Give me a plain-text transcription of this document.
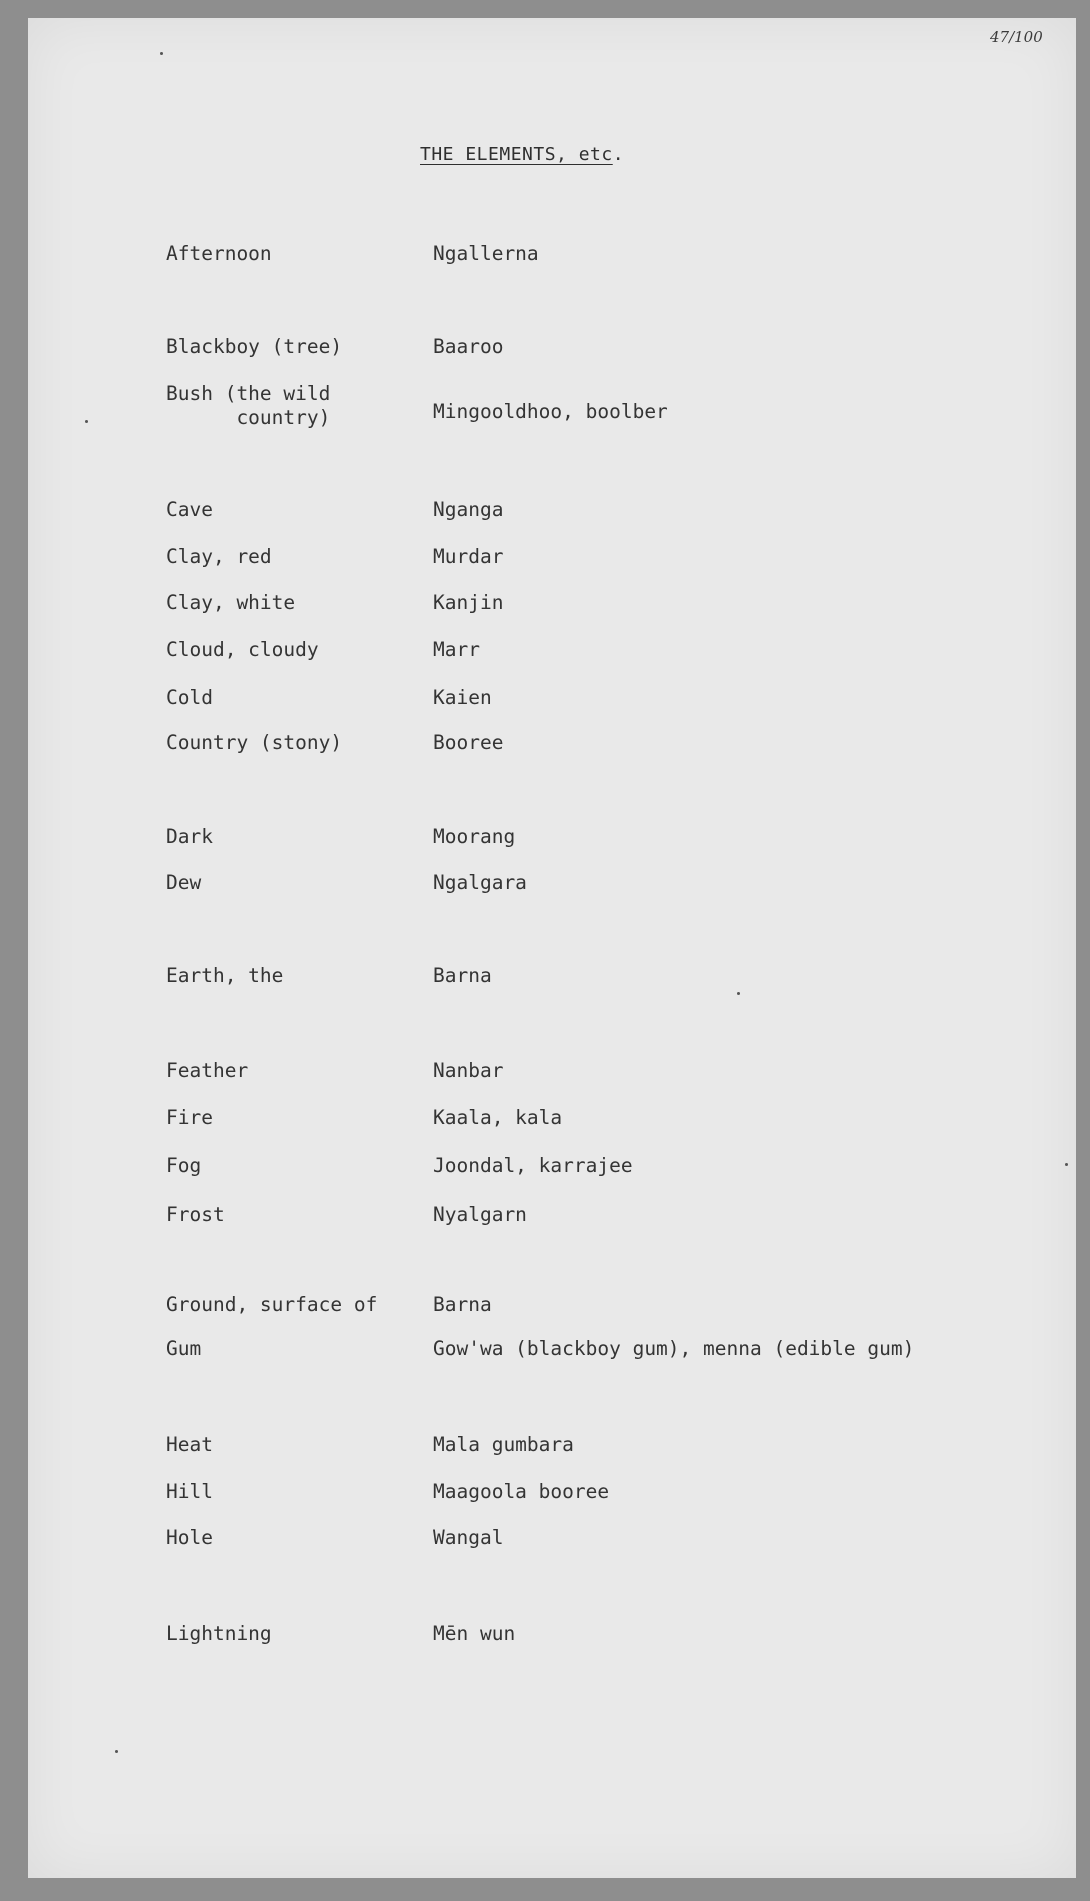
47/100
THE ELEMENTS, etc.
Afternoon	Ngallerna
Blackboy (tree)	Baaroo
Bush (the wild
country)	Mingooldhoo, boolber
Cave	Nganga
Clay, red	Murdar
Clay, white	Kanjin
Cloud, cloudy	Marr
Cold	Kaien
Country (stony)	Booree
Dark	Moorang
Dew	Ngalgara
Earth, the	Barna
Feather	Nanbar
Fire	Kaala, kala
Fog	Joondal, karrajee
Frost	Nyalgarn
Ground, surface of	Barna
Gum	Gow'wa (blackboy gum), menna (edible gum)
Heat	Mala gumbara
Hill	Maagoola booree
Hole	Wangal
Lightning	Mēn wun
